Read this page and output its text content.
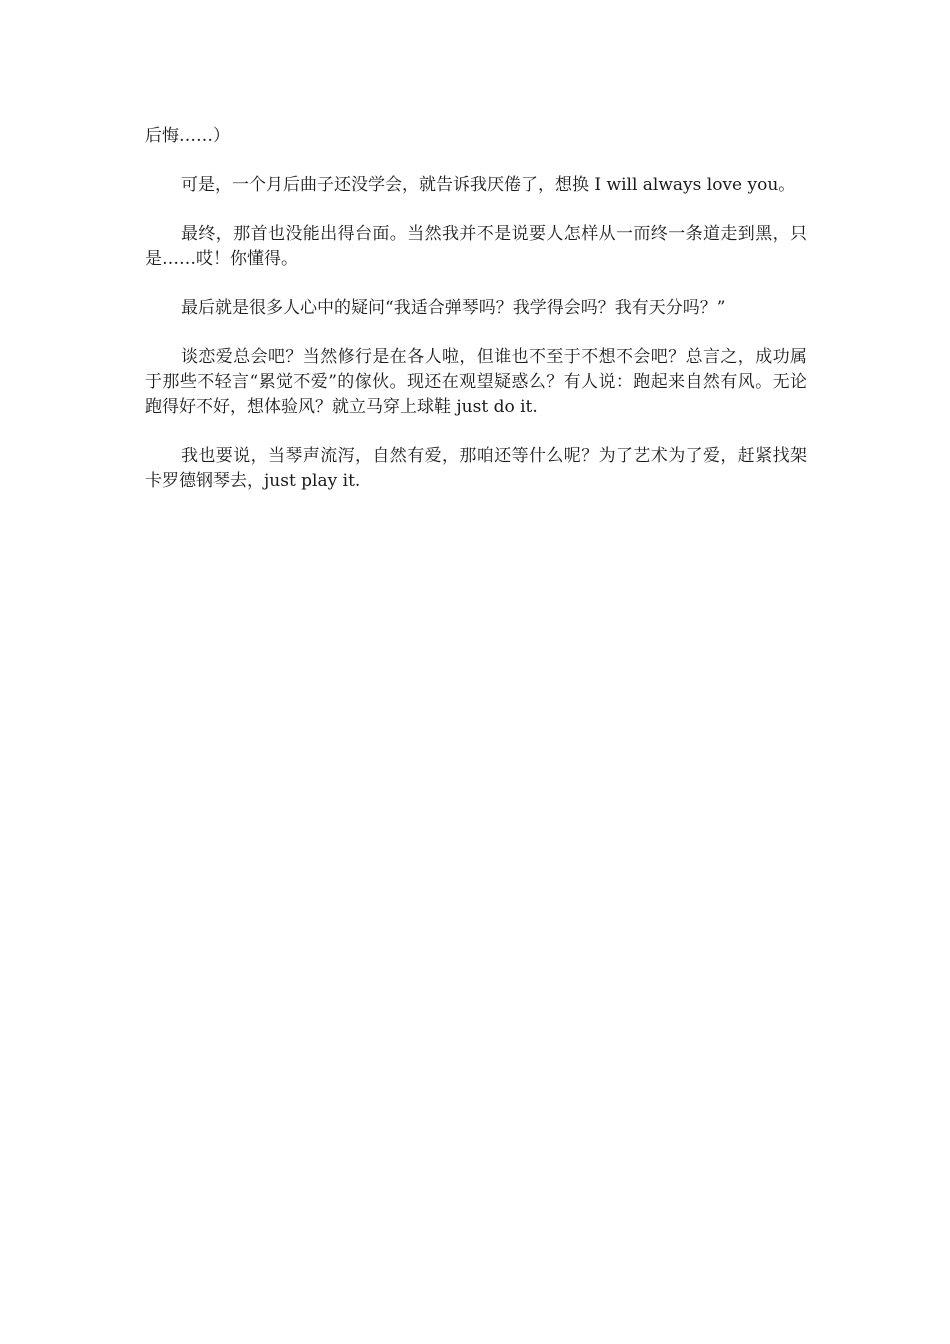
后悔……）

可是，一个月后曲子还没学会，就告诉我厌倦了，想换 I will always love you。

最终，那首也没能出得台面。当然我并不是说要人怎样从一而终一条道走到黑，只是……哎！你懂得。

最后就是很多人心中的疑问“我适合弹琴吗？我学得会吗？我有天分吗？”

谈恋爱总会吧？当然修行是在各人啦，但谁也不至于不想不会吧？总言之，成功属于那些不轻言“累觉不爱”的傢伙。现还在观望疑惑么？有人说：跑起来自然有风。无论跑得好不好，想体验风？就立马穿上球鞋 just do it.

我也要说，当琴声流泻，自然有爱，那咱还等什么呢？为了艺术为了爱，赶紧找架卡罗德钢琴去，just play it.
